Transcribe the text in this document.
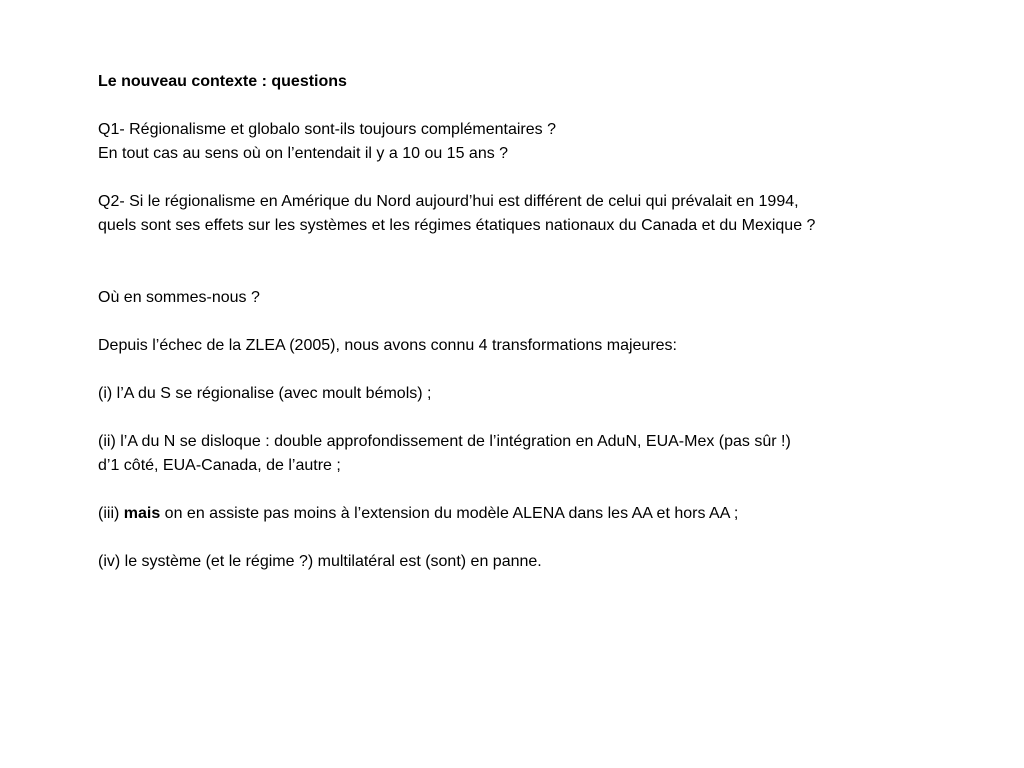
Le nouveau contexte : questions
Q1- Régionalisme et globalo sont-ils toujours complémentaires ?
En tout cas au sens où on l’entendait il y a 10 ou 15 ans ?
Q2- Si le régionalisme en Amérique du Nord aujourd’hui est différent de celui qui prévalait en 1994,
quels sont ses effets sur les systèmes et les régimes étatiques nationaux du Canada et du Mexique ?
Où en sommes-nous ?
Depuis l’échec de la ZLEA (2005), nous avons connu 4 transformations majeures:
(i) l’A du S se régionalise (avec moult bémols) ;
(ii) l’A du N se disloque : double approfondissement de l’intégration en AduN, EUA-Mex (pas sûr !)
d’1 côté, EUA-Canada, de l’autre ;
(iii) mais on en assiste pas moins à l’extension du modèle ALENA dans les AA et hors AA ;
(iv) le système (et le régime ?) multilatéral est (sont) en panne.
